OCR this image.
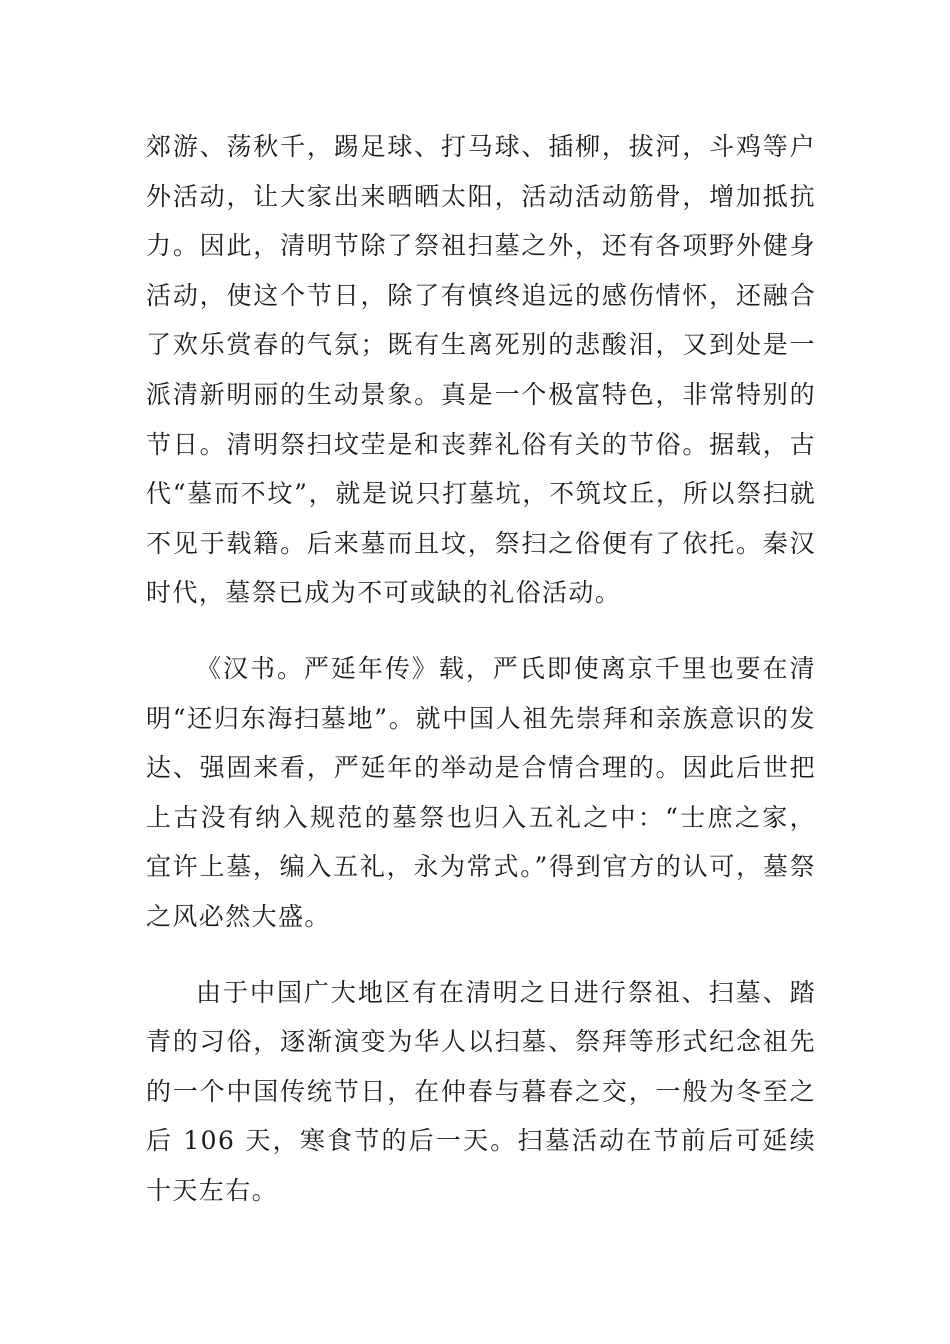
郊游、荡秋千，踢足球、打马球、插柳，拔河，斗鸡等户外活动，让大家出来晒晒太阳，活动活动筋骨，增加抵抗力。因此，清明节除了祭祖扫墓之外，还有各项野外健身活动，使这个节日，除了有慎终追远的感伤情怀，还融合了欢乐赏春的气氛；既有生离死别的悲酸泪，又到处是一派清新明丽的生动景象。真是一个极富特色，非常特别的节日。清明祭扫坟茔是和丧葬礼俗有关的节俗。据载，古代“墓而不坟”，就是说只打墓坑，不筑坟丘，所以祭扫就不见于载籍。后来墓而且坟，祭扫之俗便有了依托。秦汉时代，墓祭已成为不可或缺的礼俗活动。

《汉书。严延年传》载，严氏即使离京千里也要在清明“还归东海扫墓地”。就中国人祖先崇拜和亲族意识的发达、强固来看，严延年的举动是合情合理的。因此后世把上古没有纳入规范的墓祭也归入五礼之中：“士庶之家，宜许上墓，编入五礼，永为常式。”得到官方的认可，墓祭之风必然大盛。

由于中国广大地区有在清明之日进行祭祖、扫墓、踏青的习俗，逐渐演变为华人以扫墓、祭拜等形式纪念祖先的一个中国传统节日，在仲春与暮春之交，一般为冬至之后 106 天，寒食节的后一天。扫墓活动在节前后可延续十天左右。
